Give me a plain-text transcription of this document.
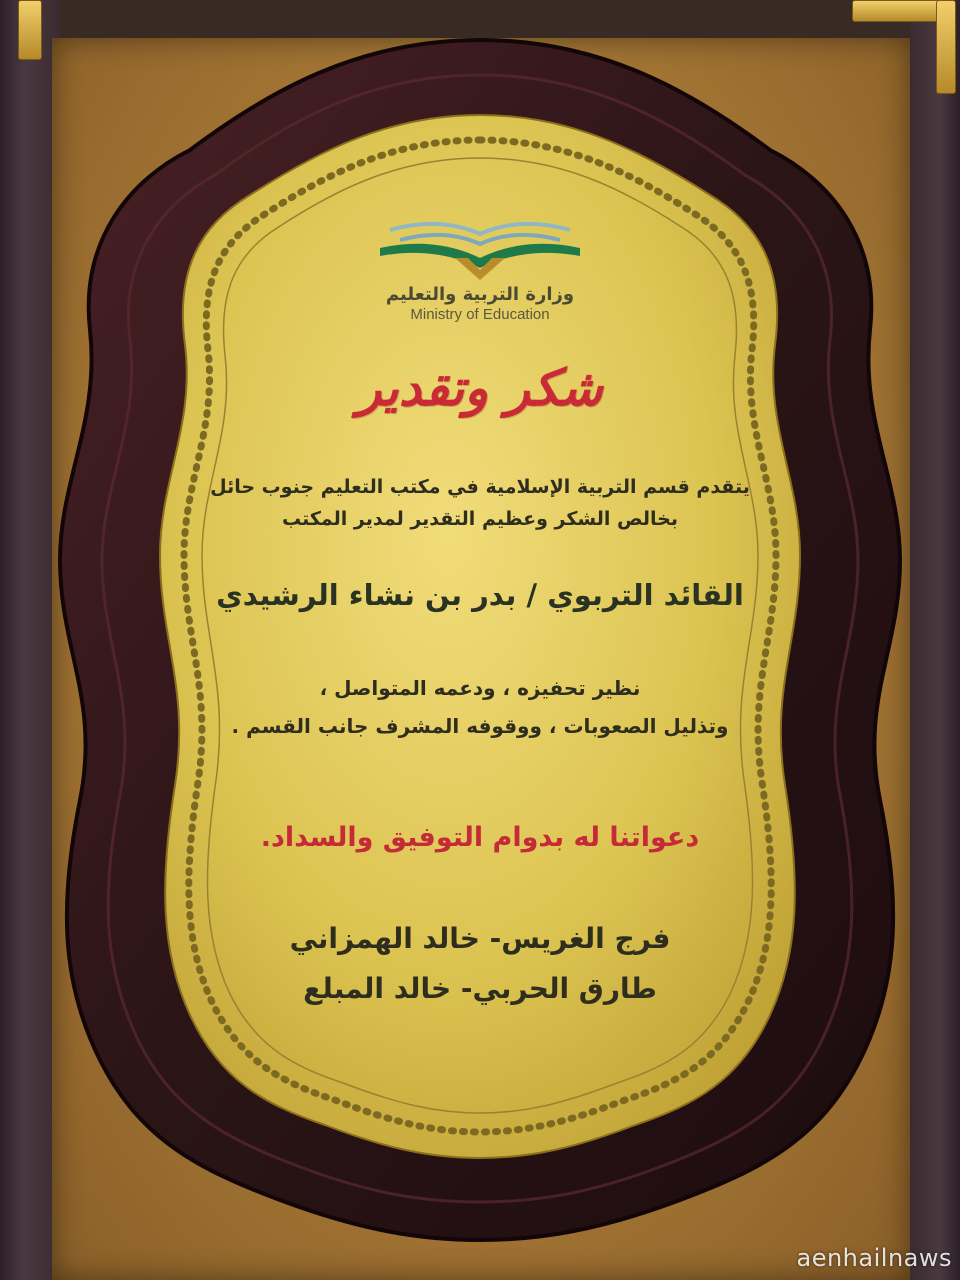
وزارة التربية والتعليم
Ministry of Education
شكر وتقدير
يتقدم قسم التربية الإسلامية في مكتب التعليم جنوب حائل
بخالص الشكر وعظيم التقدير لمدير المكتب
القائد التربوي / بدر بن نشاء الرشيدي
نظير تحفيزه ، ودعمه المتواصل ،
وتذليل الصعوبات ، ووقوفه المشرف جانب القسم .
دعواتنا له بدوام التوفيق والسداد.
فرج الغريس- خالد الهمزاني
طارق الحربي- خالد المبلع
aenhailnaws
